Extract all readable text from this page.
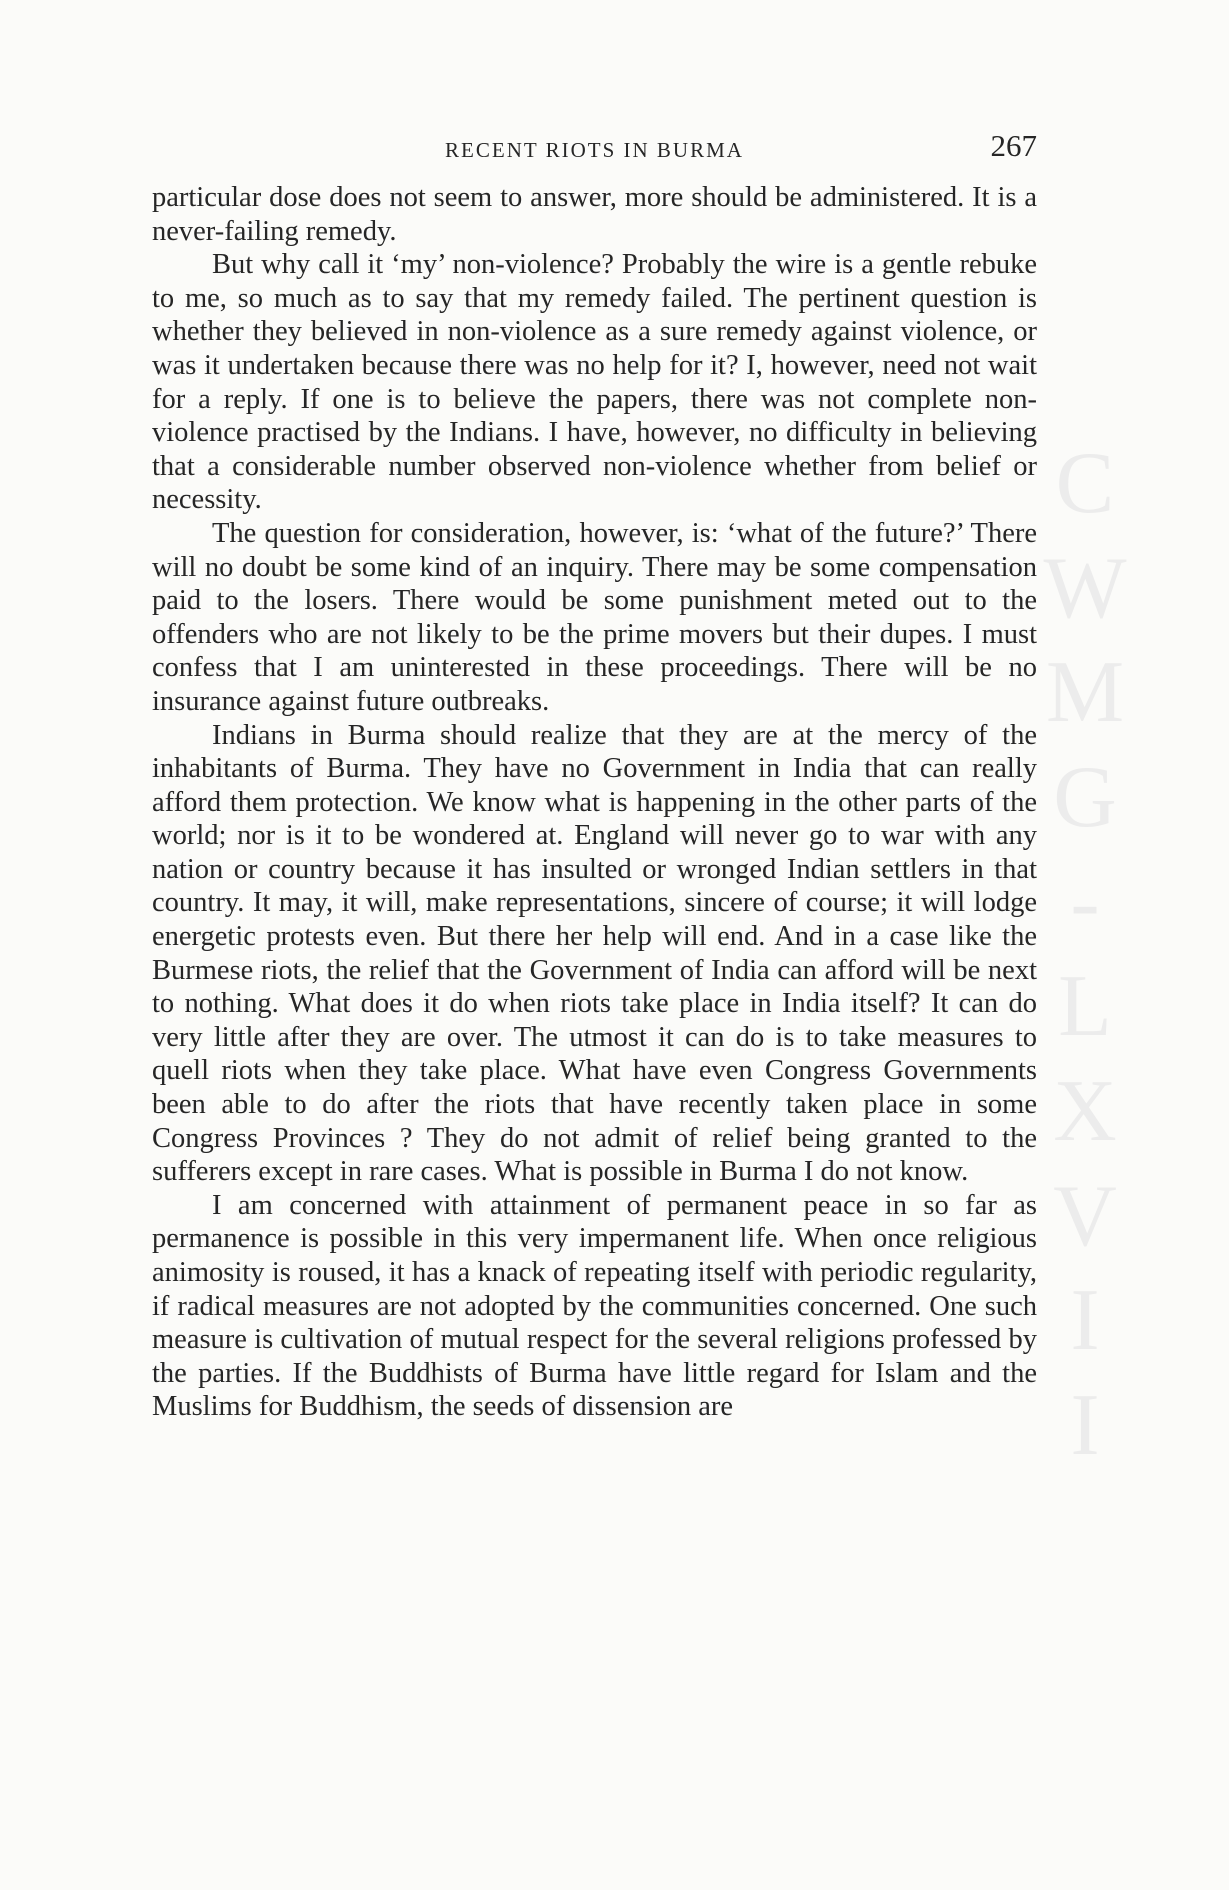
RECENT RIOTS IN BURMA	267

particular dose does not seem to answer, more should be administered. It is a never-failing remedy.

But why call it ‘my’ non-violence? Probably the wire is a gentle rebuke to me, so much as to say that my remedy failed. The pertinent question is whether they believed in non-violence as a sure remedy against violence, or was it undertaken because there was no help for it? I, however, need not wait for a reply. If one is to believe the papers, there was not complete non-violence practised by the Indians. I have, however, no difficulty in believing that a considerable number observed non-violence whether from belief or necessity.

The question for consideration, however, is: ‘what of the future?’ There will no doubt be some kind of an inquiry. There may be some compensation paid to the losers. There would be some punishment meted out to the offenders who are not likely to be the prime movers but their dupes. I must confess that I am uninterested in these proceedings. There will be no insurance against future outbreaks.

Indians in Burma should realize that they are at the mercy of the inhabitants of Burma. They have no Government in India that can really afford them protection. We know what is happening in the other parts of the world; nor is it to be wondered at. England will never go to war with any nation or country because it has insulted or wronged Indian settlers in that country. It may, it will, make representations, sincere of course; it will lodge energetic protests even. But there her help will end. And in a case like the Burmese riots, the relief that the Government of India can afford will be next to nothing. What does it do when riots take place in India itself? It can do very little after they are over. The utmost it can do is to take measures to quell riots when they take place. What have even Congress Governments been able to do after the riots that have recently taken place in some Congress Provinces ? They do not admit of relief being granted to the sufferers except in rare cases. What is possible in Burma I do not know.

I am concerned with attainment of permanent peace in so far as permanence is possible in this very impermanent life. When once religious animosity is roused, it has a knack of repeating itself with periodic regularity, if radical measures are not adopted by the communities concerned. One such measure is cultivation of mutual respect for the several religions professed by the parties. If the Buddhists of Burma have little regard for Islam and the Muslims for Buddhism, the seeds of dissension are

C
W
M
G
-
L
X
V
I
I
